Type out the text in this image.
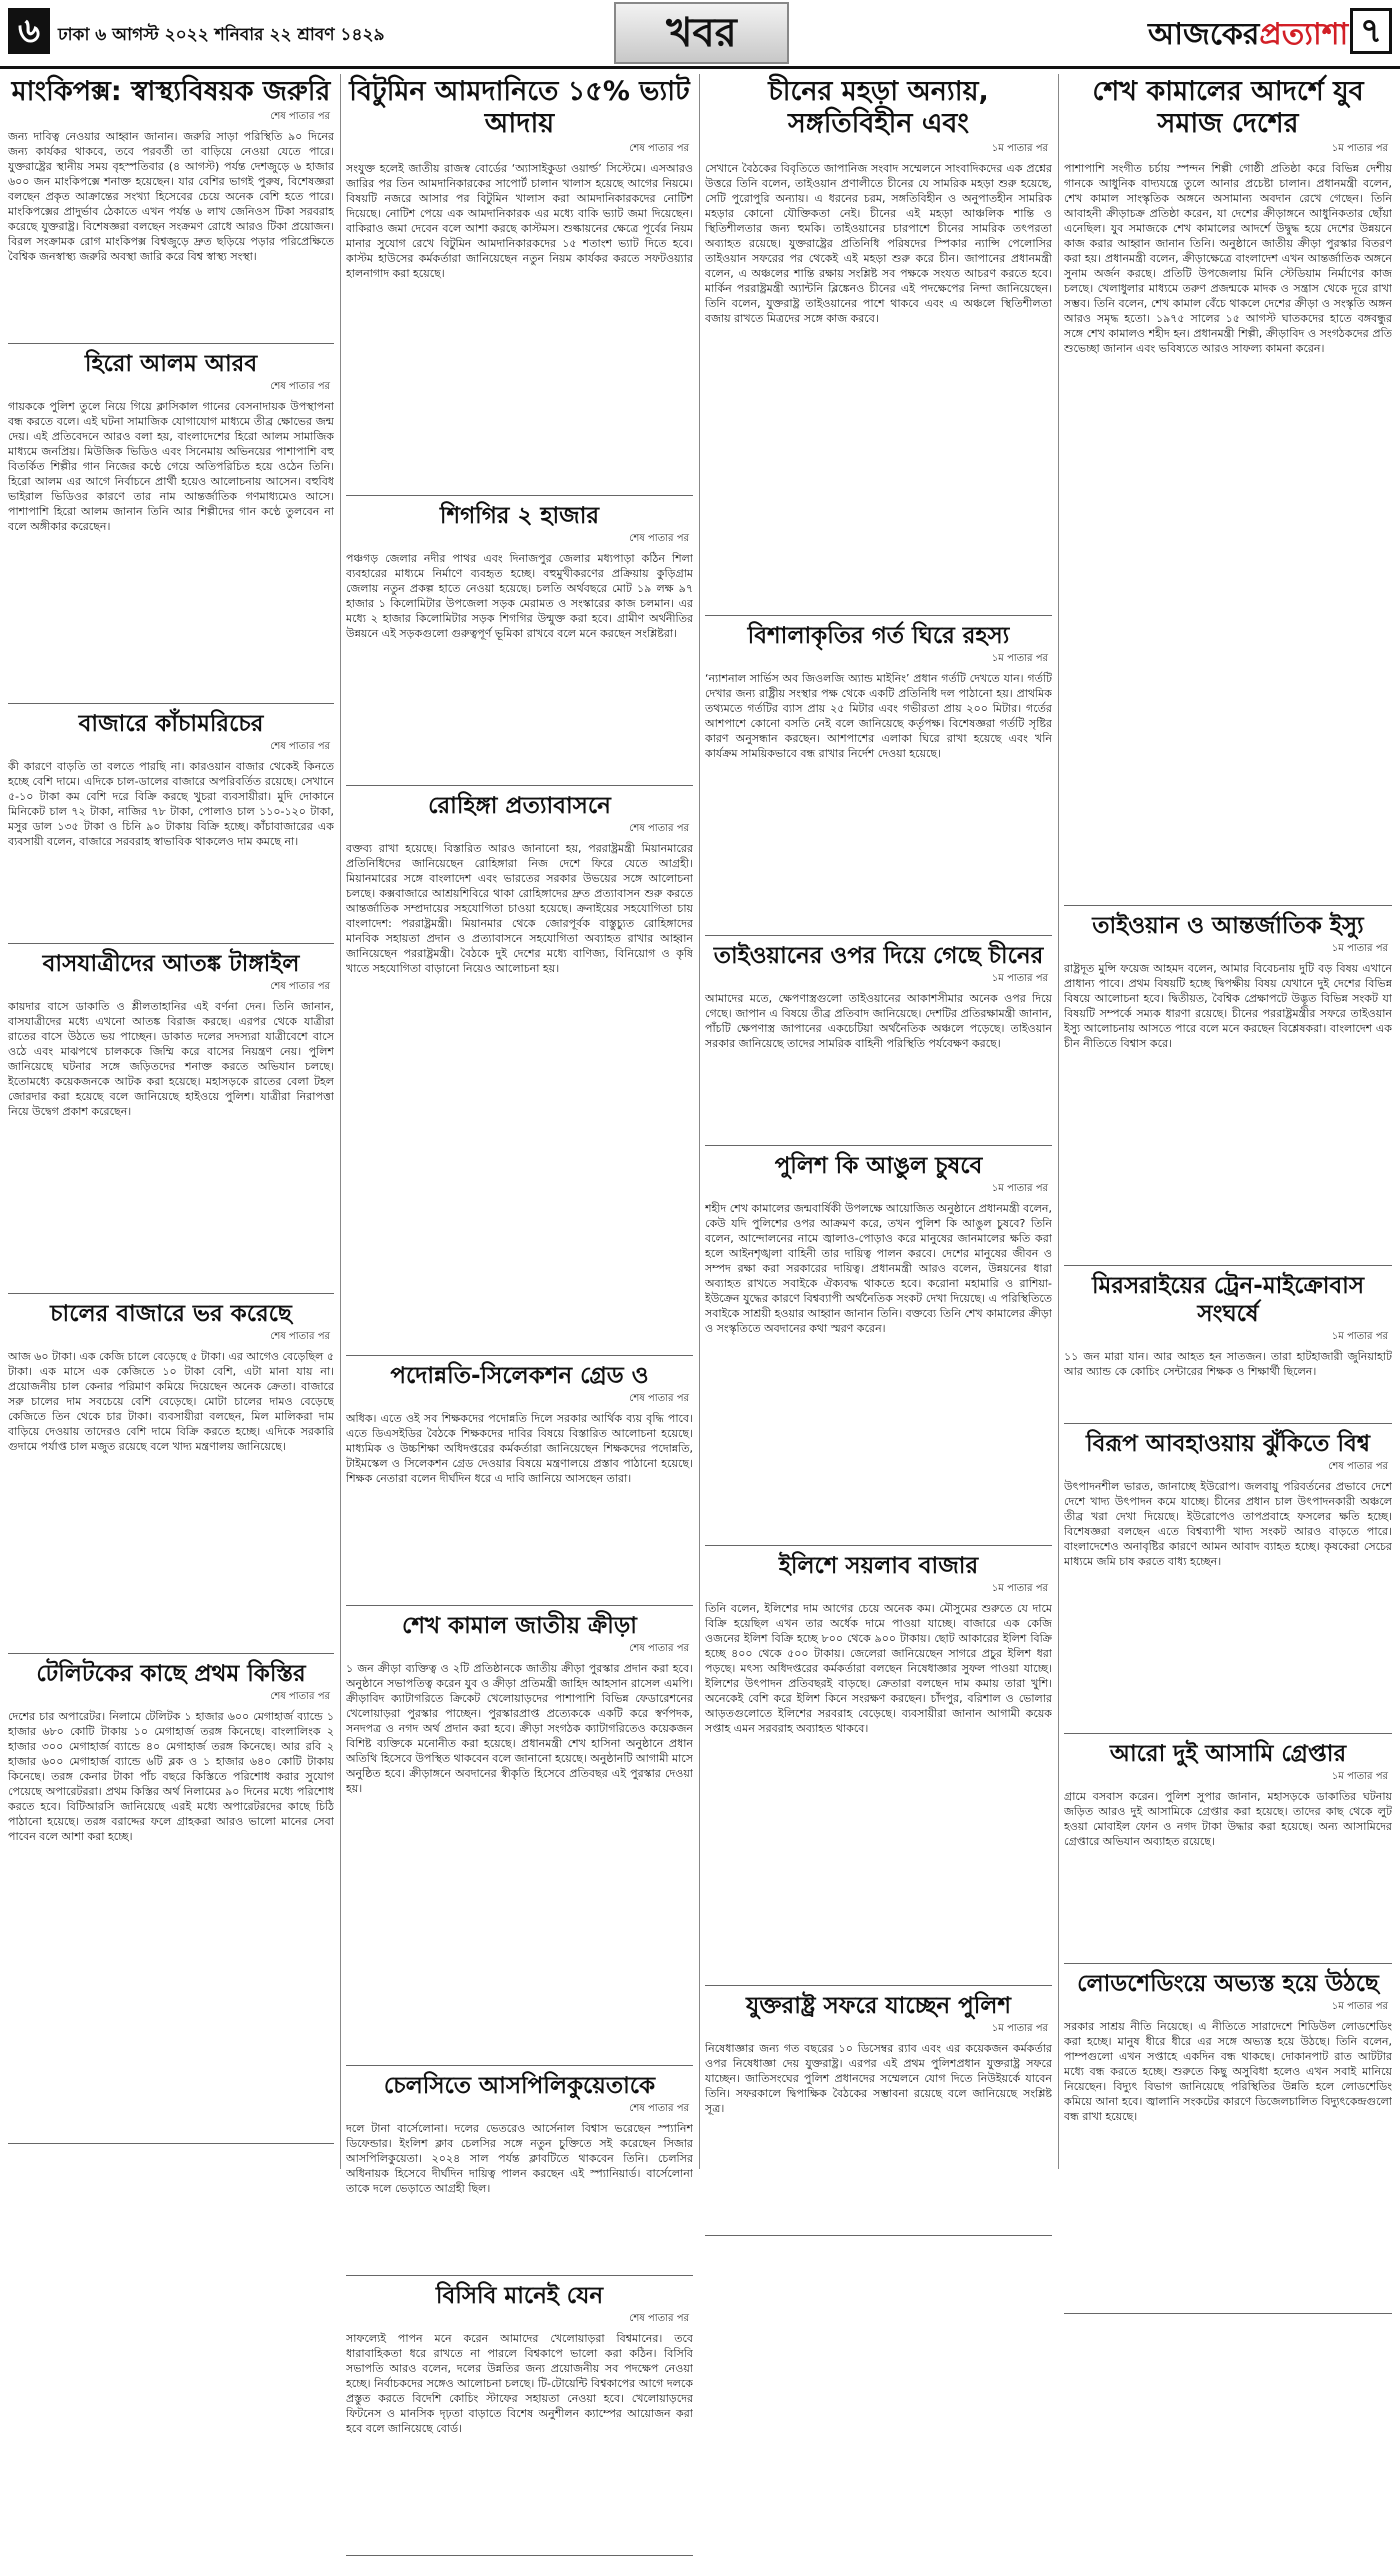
৬	ঢাকা ৬ আগস্ট ২০২২ শনিবার ২২ শ্রাবণ ১৪২৯	খবর	আজকেরপ্রত্যাশা ৭
মাংকিপক্স: স্বাস্থ্যবিষয়ক জরুরি
শেষ পাতার পর
জন্য দাবিত্ব নেওয়ার আহ্বান জানান। জরুরি সাড়া পরিস্থিতি ৯০ দিনের জন্য কার্যকর থাকবে, তবে পরবর্তী তা বাড়িয়ে নেওয়া যেতে পারে। যুক্তরাষ্ট্রের স্থানীয় সময় বৃহস্পতিবার (৪ আগস্ট) পর্যন্ত দেশজুড়ে ৬ হাজার ৬০০ জন মাংকিপক্সে শনাক্ত হয়েছেন। যার বেশির ভাগই পুরুষ, বিশেষজ্ঞরা বলছেন প্রকৃত আক্রান্তের সংখ্যা হিসেবের চেয়ে অনেক বেশি হতে পারে। মাংকিপক্সের প্রাদুর্ভাব ঠেকাতে এখন পর্যন্ত ৬ লাখ জেনিওস টিকা সরবরাহ করেছে যুক্তরাষ্ট্র। বিশেষজ্ঞরা বলছেন সংক্রমণ রোধে আরও টিকা প্রয়োজন। বিরল সংক্রামক রোগ মাংকিপক্স বিশ্বজুড়ে দ্রুত ছড়িয়ে পড়ার পরিপ্রেক্ষিতে বৈশ্বিক জনস্বাস্থ্য জরুরি অবস্থা জারি করে বিশ্ব স্বাস্থ্য সংস্থা।
হিরো আলম আরব
শেষ পাতার পর
গায়ককে পুলিশ তুলে নিয়ে গিয়ে ক্লাসিকাল গানের বেসনাদায়ক উপস্থাপনা বন্ধ করতে বলে। এই ঘটনা সামাজিক যোগাযোগ মাধ্যমে তীব্র ক্ষোভের জন্ম দেয়। এই প্রতিবেদনে আরও বলা হয়, বাংলাদেশের হিরো আলম সামাজিক মাধ্যমে জনপ্রিয়। মিউজিক ভিডিও এবং সিনেমায় অভিনয়ের পাশাপাশি বহু বিতর্কিত শিল্পীর গান নিজের কণ্ঠে গেয়ে অতিপরিচিত হয়ে ওঠেন তিনি। হিরো আলম এর আগে নির্বাচনে প্রার্থী হয়েও আলোচনায় আসেন। বহুবিধ ভাইরাল ভিডিওর কারণে তার নাম আন্তর্জাতিক গণমাধ্যমেও আসে। পাশাপাশি হিরো আলম জানান তিনি আর শিল্পীদের গান কণ্ঠে তুলবেন না বলে অঙ্গীকার করেছেন।
বাজারে কাঁচামরিচের
শেষ পাতার পর
কী কারণে বাড়তি তা বলতে পারছি না। কারওয়ান বাজার থেকেই কিনতে হচ্ছে বেশি দামে। এদিকে চাল-ডালের বাজারে অপরিবর্তিত রয়েছে। সেখানে ৫-১০ টাকা কম বেশি দরে বিক্রি করছে খুচরা ব্যবসায়ীরা। মুদি দোকানে মিনিকেট চাল ৭২ টাকা, নাজির ৭৮ টাকা, পোলাও চাল ১১০-১২০ টাকা, মসুর ডাল ১৩৫ টাকা ও চিনি ৯০ টাকায় বিক্রি হচ্ছে। কাঁচাবাজারের এক ব্যবসায়ী বলেন, বাজারে সরবরাহ স্বাভাবিক থাকলেও দাম কমছে না।
বাসযাত্রীদের আতঙ্ক টাঙ্গাইল
শেষ পাতার পর
কায়দার বাসে ডাকাতি ও শ্লীলতাহানির এই বর্ণনা দেন। তিনি জানান, বাসযাত্রীদের মধ্যে এখনো আতঙ্ক বিরাজ করছে। এরপর থেকে যাত্রীরা রাতের বাসে উঠতে ভয় পাচ্ছেন। ডাকাত দলের সদস্যরা যাত্রীবেশে বাসে ওঠে এবং মাঝপথে চালককে জিম্মি করে বাসের নিয়ন্ত্রণ নেয়। পুলিশ জানিয়েছে ঘটনার সঙ্গে জড়িতদের শনাক্ত করতে অভিযান চলছে। ইতোমধ্যে কয়েকজনকে আটক করা হয়েছে। মহাসড়কে রাতের বেলা টহল জোরদার করা হয়েছে বলে জানিয়েছে হাইওয়ে পুলিশ। যাত্রীরা নিরাপত্তা নিয়ে উদ্বেগ প্রকাশ করেছেন।
চালের বাজারে ভর করেছে
শেষ পাতার পর
আজ ৬০ টাকা। এক কেজি চালে বেড়েছে ৫ টাকা। এর আগেও বেড়েছিল ৫ টাকা। এক মাসে এক কেজিতে ১০ টাকা বেশি, এটা মানা যায় না। প্রয়োজনীয় চাল কেনার পরিমাণ কমিয়ে দিয়েছেন অনেক ক্রেতা। বাজারে সরু চালের দাম সবচেয়ে বেশি বেড়েছে। মোটা চালের দামও বেড়েছে কেজিতে তিন থেকে চার টাকা। ব্যবসায়ীরা বলছেন, মিল মালিকরা দাম বাড়িয়ে দেওয়ায় তাদেরও বেশি দামে বিক্রি করতে হচ্ছে। এদিকে সরকারি গুদামে পর্যাপ্ত চাল মজুত রয়েছে বলে খাদ্য মন্ত্রণালয় জানিয়েছে।
টেলিটকের কাছে প্রথম কিস্তির
শেষ পাতার পর
দেশের চার অপারেটর। নিলামে টেলিটক ১ হাজার ৬০০ মেগাহার্জ ব্যান্ডে ১ হাজার ৬৮০ কোটি টাকায় ১০ মেগাহার্জ তরঙ্গ কিনেছে। বাংলালিংক ২ হাজার ৩০০ মেগাহার্জ ব্যান্ডে ৪০ মেগাহার্জ তরঙ্গ কিনেছে। আর রবি ২ হাজার ৬০০ মেগাহার্জ ব্যান্ডে ৬টি ব্লক ও ১ হাজার ৬৪০ কোটি টাকায় কিনেছে। তরঙ্গ কেনার টাকা পাঁচ বছরে কিস্তিতে পরিশোধ করার সুযোগ পেয়েছে অপারেটররা। প্রথম কিস্তির অর্থ নিলামের ৯০ দিনের মধ্যে পরিশোধ করতে হবে। বিটিআরসি জানিয়েছে এরই মধ্যে অপারেটরদের কাছে চিঠি পাঠানো হয়েছে। তরঙ্গ বরাদ্দের ফলে গ্রাহকরা আরও ভালো মানের সেবা পাবেন বলে আশা করা হচ্ছে।
বিটুমিন আমদানিতে ১৫% ভ্যাট আদায়
শেষ পাতার পর
সংযুক্ত হলেই জাতীয় রাজস্ব বোর্ডের ‘অ্যাসাইকুডা ওয়ার্ল্ড’ সিস্টেমে। এসআরও জারির পর তিন আমদানিকারকের সাপোর্ট চালান খালাস হয়েছে আগের নিয়মে। বিষয়টি নজরে আসার পর বিটুমিন খালাস করা আমদানিকারকদের নোটিশ দিয়েছে। নোটিশ পেয়ে এক আমদানিকারক এর মধ্যে বাকি ভ্যাট জমা দিয়েছেন। বাকিরাও জমা দেবেন বলে আশা করছে কাস্টমস। শুল্কায়নের ক্ষেত্রে পূর্বের নিয়ম মানার সুযোগ রেখে বিটুমিন আমদানিকারকদের ১৫ শতাংশ ভ্যাট দিতে হবে। কাস্টম হাউসের কর্মকর্তারা জানিয়েছেন নতুন নিয়ম কার্যকর করতে সফটওয়্যার হালনাগাদ করা হয়েছে।
শিগগির ২ হাজার
শেষ পাতার পর
পঞ্চগড় জেলার নদীর পাথর এবং দিনাজপুর জেলার মধ্যপাড়া কঠিন শিলা ব্যবহারের মাধ্যমে নির্মাণে ব্যবহৃত হচ্ছে। বহুমুখীকরণের প্রক্রিয়ায় কুড়িগ্রাম জেলায় নতুন প্রকল্প হাতে নেওয়া হয়েছে। চলতি অর্থবছরে মোট ১৯ লক্ষ ৯৭ হাজার ১ কিলোমিটার উপজেলা সড়ক মেরামত ও সংস্কারের কাজ চলমান। এর মধ্যে ২ হাজার কিলোমিটার সড়ক শিগগির উন্মুক্ত করা হবে। গ্রামীণ অর্থনীতির উন্নয়নে এই সড়কগুলো গুরুত্বপূর্ণ ভূমিকা রাখবে বলে মনে করছেন সংশ্লিষ্টরা।
রোহিঙ্গা প্রত্যাবাসনে
শেষ পাতার পর
বক্তব্য রাখা হয়েছে। বিস্তারিত আরও জানানো হয়, পররাষ্ট্রমন্ত্রী মিয়ানমারের প্রতিনিধিদের জানিয়েছেন রোহিঙ্গারা নিজ দেশে ফিরে যেতে আগ্রহী। মিয়ানমারের সঙ্গে বাংলাদেশ এবং ভারতের সরকার উভয়ের সঙ্গে আলোচনা চলছে। কক্সবাজারে আশ্রয়শিবিরে থাকা রোহিঙ্গাদের দ্রুত প্রত্যাবাসন শুরু করতে আন্তর্জাতিক সম্প্রদায়ের সহযোগিতা চাওয়া হয়েছে। ক্রনাইয়ের সহযোগিতা চায় বাংলাদেশ: পররাষ্ট্রমন্ত্রী। মিয়ানমার থেকে জোরপূর্বক বাস্তুচ্যুত রোহিঙ্গাদের মানবিক সহায়তা প্রদান ও প্রত্যাবাসনে সহযোগিতা অব্যাহত রাখার আহ্বান জানিয়েছেন পররাষ্ট্রমন্ত্রী। বৈঠকে দুই দেশের মধ্যে বাণিজ্য, বিনিয়োগ ও কৃষি খাতে সহযোগিতা বাড়ানো নিয়েও আলোচনা হয়।
পদোন্নতি-সিলেকশন গ্রেড ও
শেষ পাতার পর
অধিক। এতে ওই সব শিক্ষকদের পদোন্নতি দিলে সরকার আর্থিক ব্যয় বৃদ্ধি পাবে। এতে ডিএসইডির বৈঠকে শিক্ষকদের দাবির বিষয়ে বিস্তারিত আলোচনা হয়েছে। মাধ্যমিক ও উচ্চশিক্ষা অধিদপ্তরের কর্মকর্তারা জানিয়েছেন শিক্ষকদের পদোন্নতি, টাইমস্কেল ও সিলেকশন গ্রেড দেওয়ার বিষয়ে মন্ত্রণালয়ে প্রস্তাব পাঠানো হয়েছে। শিক্ষক নেতারা বলেন দীর্ঘদিন ধরে এ দাবি জানিয়ে আসছেন তারা।
শেখ কামাল জাতীয় ক্রীড়া
শেষ পাতার পর
১ জন ক্রীড়া ব্যক্তিত্ব ও ২টি প্রতিষ্ঠানকে জাতীয় ক্রীড়া পুরস্কার প্রদান করা হবে। অনুষ্ঠানে সভাপতিত্ব করেন যুব ও ক্রীড়া প্রতিমন্ত্রী জাহিদ আহসান রাসেল এমপি। ক্রীড়াবিদ ক্যাটাগরিতে ক্রিকেট খেলোয়াড়দের পাশাপাশি বিভিন্ন ফেডারেশনের খেলোয়াড়রা পুরস্কার পাচ্ছেন। পুরস্কারপ্রাপ্ত প্রত্যেককে একটি করে স্বর্ণপদক, সনদপত্র ও নগদ অর্থ প্রদান করা হবে। ক্রীড়া সংগঠক ক্যাটাগরিতেও কয়েকজন বিশিষ্ট ব্যক্তিকে মনোনীত করা হয়েছে। প্রধানমন্ত্রী শেখ হাসিনা অনুষ্ঠানে প্রধান অতিথি হিসেবে উপস্থিত থাকবেন বলে জানানো হয়েছে। অনুষ্ঠানটি আগামী মাসে অনুষ্ঠিত হবে। ক্রীড়াঙ্গনে অবদানের স্বীকৃতি হিসেবে প্রতিবছর এই পুরস্কার দেওয়া হয়।
চেলসিতে আসপিলিকুয়েতাকে
শেষ পাতার পর
দলে টানা বার্সেলোনা। দলের ভেতরেও আর্সেনাল বিশ্বাস ভরেছেন স্প্যানিশ ডিফেন্ডার। ইংলিশ ক্লাব চেলসির সঙ্গে নতুন চুক্তিতে সই করেছেন সিজার আসপিলিকুয়েতা। ২০২৪ সাল পর্যন্ত ক্লাবটিতে থাকবেন তিনি। চেলসির অধিনায়ক হিসেবে দীর্ঘদিন দায়িত্ব পালন করছেন এই স্প্যানিয়ার্ড। বার্সেলোনা তাকে দলে ভেড়াতে আগ্রহী ছিল।
বিসিবি মানেই যেন
শেষ পাতার পর
সাফল্যেই পাপন মনে করেন আমাদের খেলোয়াড়রা বিশ্বমানের। তবে ধারাবাহিকতা ধরে রাখতে না পারলে বিশ্বকাপে ভালো করা কঠিন। বিসিবি সভাপতি আরও বলেন, দলের উন্নতির জন্য প্রয়োজনীয় সব পদক্ষেপ নেওয়া হচ্ছে। নির্বাচকদের সঙ্গেও আলোচনা চলছে। টি-টোয়েন্টি বিশ্বকাপের আগে দলকে প্রস্তুত করতে বিদেশি কোচিং স্টাফের সহায়তা নেওয়া হবে। খেলোয়াড়দের ফিটনেস ও মানসিক দৃঢ়তা বাড়াতে বিশেষ অনুশীলন ক্যাম্পের আয়োজন করা হবে বলে জানিয়েছে বোর্ড।
চীনের মহড়া অন্যায়, সঙ্গতিবিহীন এবং
১ম পাতার পর
সেখানে বৈঠকের বিবৃতিতে জাপানিজ সংবাদ সম্মেলনে সাংবাদিকদের এক প্রশ্নের উত্তরে তিনি বলেন, তাইওয়ান প্রণালীতে চীনের যে সামরিক মহড়া শুরু হয়েছে, সেটি পুরোপুরি অন্যায়। এ ধরনের চরম, সঙ্গতিবিহীন ও অনুপাতহীন সামরিক মহড়ার কোনো যৌক্তিকতা নেই। চীনের এই মহড়া আঞ্চলিক শান্তি ও স্থিতিশীলতার জন্য হুমকি। তাইওয়ানের চারপাশে চীনের সামরিক তৎপরতা অব্যাহত রয়েছে। যুক্তরাষ্ট্রের প্রতিনিধি পরিষদের স্পিকার ন্যান্সি পেলোসির তাইওয়ান সফরের পর থেকেই এই মহড়া শুরু করে চীন। জাপানের প্রধানমন্ত্রী বলেন, এ অঞ্চলের শান্তি রক্ষায় সংশ্লিষ্ট সব পক্ষকে সংযত আচরণ করতে হবে। মার্কিন পররাষ্ট্রমন্ত্রী অ্যান্টনি ব্লিঙ্কেনও চীনের এই পদক্ষেপের নিন্দা জানিয়েছেন। তিনি বলেন, যুক্তরাষ্ট্র তাইওয়ানের পাশে থাকবে এবং এ অঞ্চলে স্থিতিশীলতা বজায় রাখতে মিত্রদের সঙ্গে কাজ করবে।
বিশালাকৃতির গর্ত ঘিরে রহস্য
১ম পাতার পর
‘ন্যাশনাল সার্ভিস অব জিওলজি অ্যান্ড মাইনিং’ প্রধান গর্তটি দেখতে যান। গর্তটি দেখার জন্য রাষ্ট্রীয় সংস্থার পক্ষ থেকে একটি প্রতিনিধি দল পাঠানো হয়। প্রাথমিক তথ্যমতে গর্তটির ব্যাস প্রায় ২৫ মিটার এবং গভীরতা প্রায় ২০০ মিটার। গর্তের আশপাশে কোনো বসতি নেই বলে জানিয়েছে কর্তৃপক্ষ। বিশেষজ্ঞরা গর্তটি সৃষ্টির কারণ অনুসন্ধান করছেন। আশপাশের এলাকা ঘিরে রাখা হয়েছে এবং খনি কার্যক্রম সাময়িকভাবে বন্ধ রাখার নির্দেশ দেওয়া হয়েছে।
তাইওয়ানের ওপর দিয়ে গেছে চীনের
১ম পাতার পর
আমাদের মতে, ক্ষেপণাস্ত্রগুলো তাইওয়ানের আকাশসীমার অনেক ওপর দিয়ে গেছে। জাপান এ বিষয়ে তীব্র প্রতিবাদ জানিয়েছে। দেশটির প্রতিরক্ষামন্ত্রী জানান, পাঁচটি ক্ষেপণাস্ত্র জাপানের একচেটিয়া অর্থনৈতিক অঞ্চলে পড়েছে। তাইওয়ান সরকার জানিয়েছে তাদের সামরিক বাহিনী পরিস্থিতি পর্যবেক্ষণ করছে।
পুলিশ কি আঙুল চুষবে
১ম পাতার পর
শহীদ শেখ কামালের জন্মবার্ষিকী উপলক্ষে আয়োজিত অনুষ্ঠানে প্রধানমন্ত্রী বলেন, কেউ যদি পুলিশের ওপর আক্রমণ করে, তখন পুলিশ কি আঙুল চুষবে? তিনি বলেন, আন্দোলনের নামে জ্বালাও-পোড়াও করে মানুষের জানমালের ক্ষতি করা হলে আইনশৃঙ্খলা বাহিনী তার দায়িত্ব পালন করবে। দেশের মানুষের জীবন ও সম্পদ রক্ষা করা সরকারের দায়িত্ব। প্রধানমন্ত্রী আরও বলেন, উন্নয়নের ধারা অব্যাহত রাখতে সবাইকে ঐক্যবদ্ধ থাকতে হবে। করোনা মহামারি ও রাশিয়া-ইউক্রেন যুদ্ধের কারণে বিশ্বব্যাপী অর্থনৈতিক সংকট দেখা দিয়েছে। এ পরিস্থিতিতে সবাইকে সাশ্রয়ী হওয়ার আহ্বান জানান তিনি। বক্তব্যে তিনি শেখ কামালের ক্রীড়া ও সংস্কৃতিতে অবদানের কথা স্মরণ করেন।
ইলিশে সয়লাব বাজার
১ম পাতার পর
তিনি বলেন, ইলিশের দাম আগের চেয়ে অনেক কম। মৌসুমের শুরুতে যে দামে বিক্রি হয়েছিল এখন তার অর্ধেক দামে পাওয়া যাচ্ছে। বাজারে এক কেজি ওজনের ইলিশ বিক্রি হচ্ছে ৮০০ থেকে ৯০০ টাকায়। ছোট আকারের ইলিশ বিক্রি হচ্ছে ৪০০ থেকে ৫০০ টাকায়। জেলেরা জানিয়েছেন সাগরে প্রচুর ইলিশ ধরা পড়ছে। মৎস্য অধিদপ্তরের কর্মকর্তারা বলছেন নিষেধাজ্ঞার সুফল পাওয়া যাচ্ছে। ইলিশের উৎপাদন প্রতিবছরই বাড়ছে। ক্রেতারা বলছেন দাম কমায় তারা খুশি। অনেকেই বেশি করে ইলিশ কিনে সংরক্ষণ করছেন। চাঁদপুর, বরিশাল ও ভোলার আড়তগুলোতে ইলিশের সরবরাহ বেড়েছে। ব্যবসায়ীরা জানান আগামী কয়েক সপ্তাহ এমন সরবরাহ অব্যাহত থাকবে।
যুক্তরাষ্ট্র সফরে যাচ্ছেন পুলিশ
১ম পাতার পর
নিষেধাজ্ঞার জন্য গত বছরের ১০ ডিসেম্বর র‌্যাব এবং এর কয়েকজন কর্মকর্তার ওপর নিষেধাজ্ঞা দেয় যুক্তরাষ্ট্র। এরপর এই প্রথম পুলিশপ্রধান যুক্তরাষ্ট্র সফরে যাচ্ছেন। জাতিসংঘের পুলিশ প্রধানদের সম্মেলনে যোগ দিতে নিউইয়র্কে যাবেন তিনি। সফরকালে দ্বিপাক্ষিক বৈঠকের সম্ভাবনা রয়েছে বলে জানিয়েছে সংশ্লিষ্ট সূত্র।
শেখ কামালের আদর্শে যুব সমাজ দেশের
১ম পাতার পর
পাশাপাশি সংগীত চর্চায় স্পন্দন শিল্পী গোষ্ঠী প্রতিষ্ঠা করে বিভিন্ন দেশীয় গানকে আধুনিক বাদ্যযন্ত্রে তুলে আনার প্রচেষ্টা চালান। প্রধানমন্ত্রী বলেন, শেখ কামাল সাংস্কৃতিক অঙ্গনে অসামান্য অবদান রেখে গেছেন। তিনি আবাহনী ক্রীড়াচক্র প্রতিষ্ঠা করেন, যা দেশের ক্রীড়াঙ্গনে আধুনিকতার ছোঁয়া এনেছিল। যুব সমাজকে শেখ কামালের আদর্শে উদ্বুদ্ধ হয়ে দেশের উন্নয়নে কাজ করার আহ্বান জানান তিনি। অনুষ্ঠানে জাতীয় ক্রীড়া পুরস্কার বিতরণ করা হয়। প্রধানমন্ত্রী বলেন, ক্রীড়াক্ষেত্রে বাংলাদেশ এখন আন্তর্জাতিক অঙ্গনে সুনাম অর্জন করছে। প্রতিটি উপজেলায় মিনি স্টেডিয়াম নির্মাণের কাজ চলছে। খেলাধুলার মাধ্যমে তরুণ প্রজন্মকে মাদক ও সন্ত্রাস থেকে দূরে রাখা সম্ভব। তিনি বলেন, শেখ কামাল বেঁচে থাকলে দেশের ক্রীড়া ও সংস্কৃতি অঙ্গন আরও সমৃদ্ধ হতো। ১৯৭৫ সালের ১৫ আগস্ট ঘাতকদের হাতে বঙ্গবন্ধুর সঙ্গে শেখ কামালও শহীদ হন। প্রধানমন্ত্রী শিল্পী, ক্রীড়াবিদ ও সংগঠকদের প্রতি শুভেচ্ছা জানান এবং ভবিষ্যতে আরও সাফল্য কামনা করেন।
তাইওয়ান ও আন্তর্জাতিক ইস্যু
১ম পাতার পর
রাষ্ট্রদূত মুন্সি ফয়েজ আহমদ বলেন, আমার বিবেচনায় দুটি বড় বিষয় এখানে প্রাধান্য পাবে। প্রথম বিষয়টি হচ্ছে দ্বিপক্ষীয় বিষয় যেখানে দুই দেশের বিভিন্ন বিষয়ে আলোচনা হবে। দ্বিতীয়ত, বৈশ্বিক প্রেক্ষাপটে উদ্ভূত বিভিন্ন সংকট যা বিষয়টি সম্পর্কে সম্যক ধারণা রয়েছে। চীনের পররাষ্ট্রমন্ত্রীর সফরে তাইওয়ান ইস্যু আলোচনায় আসতে পারে বলে মনে করছেন বিশ্লেষকরা। বাংলাদেশ এক চীন নীতিতে বিশ্বাস করে।
মিরসরাইয়ের ট্রেন-মাইক্রোবাস সংঘর্ষে
১ম পাতার পর
১১ জন মারা যান। আর আহত হন সাতজন। তারা হাটহাজারী জুনিয়াহাট আর অ্যান্ড কে কোচিং সেন্টারের শিক্ষক ও শিক্ষার্থী ছিলেন।
বিরূপ আবহাওয়ায় ঝুঁকিতে বিশ্ব
শেষ পাতার পর
উৎপাদনশীল ভারত, জানাচ্ছে ইউরোপ। জলবায়ু পরিবর্তনের প্রভাবে দেশে দেশে খাদ্য উৎপাদন কমে যাচ্ছে। চীনের প্রধান চাল উৎপাদনকারী অঞ্চলে তীব্র খরা দেখা দিয়েছে। ইউরোপেও তাপপ্রবাহে ফসলের ক্ষতি হচ্ছে। বিশেষজ্ঞরা বলছেন এতে বিশ্বব্যাপী খাদ্য সংকট আরও বাড়তে পারে। বাংলাদেশেও অনাবৃষ্টির কারণে আমন আবাদ ব্যাহত হচ্ছে। কৃষকেরা সেচের মাধ্যমে জমি চাষ করতে বাধ্য হচ্ছেন।
আরো দুই আসামি গ্রেপ্তার
১ম পাতার পর
গ্রামে বসবাস করেন। পুলিশ সুপার জানান, মহাসড়কে ডাকাতির ঘটনায় জড়িত আরও দুই আসামিকে গ্রেপ্তার করা হয়েছে। তাদের কাছ থেকে লুট হওয়া মোবাইল ফোন ও নগদ টাকা উদ্ধার করা হয়েছে। অন্য আসামিদের গ্রেপ্তারে অভিযান অব্যাহত রয়েছে।
লোডশেডিংয়ে অভ্যস্ত হয়ে উঠছে
১ম পাতার পর
সরকার সাশ্রয় নীতি নিয়েছে। এ নীতিতে সারাদেশে শিডিউল লোডশেডিং করা হচ্ছে। মানুষ ধীরে ধীরে এর সঙ্গে অভ্যস্ত হয়ে উঠছে। তিনি বলেন, পাম্পগুলো এখন সপ্তাহে একদিন বন্ধ থাকছে। দোকানপাট রাত আটটার মধ্যে বন্ধ করতে হচ্ছে। শুরুতে কিছু অসুবিধা হলেও এখন সবাই মানিয়ে নিয়েছেন। বিদ্যুৎ বিভাগ জানিয়েছে পরিস্থিতির উন্নতি হলে লোডশেডিং কমিয়ে আনা হবে। জ্বালানি সংকটের কারণে ডিজেলচালিত বিদ্যুৎকেন্দ্রগুলো বন্ধ রাখা হয়েছে।
